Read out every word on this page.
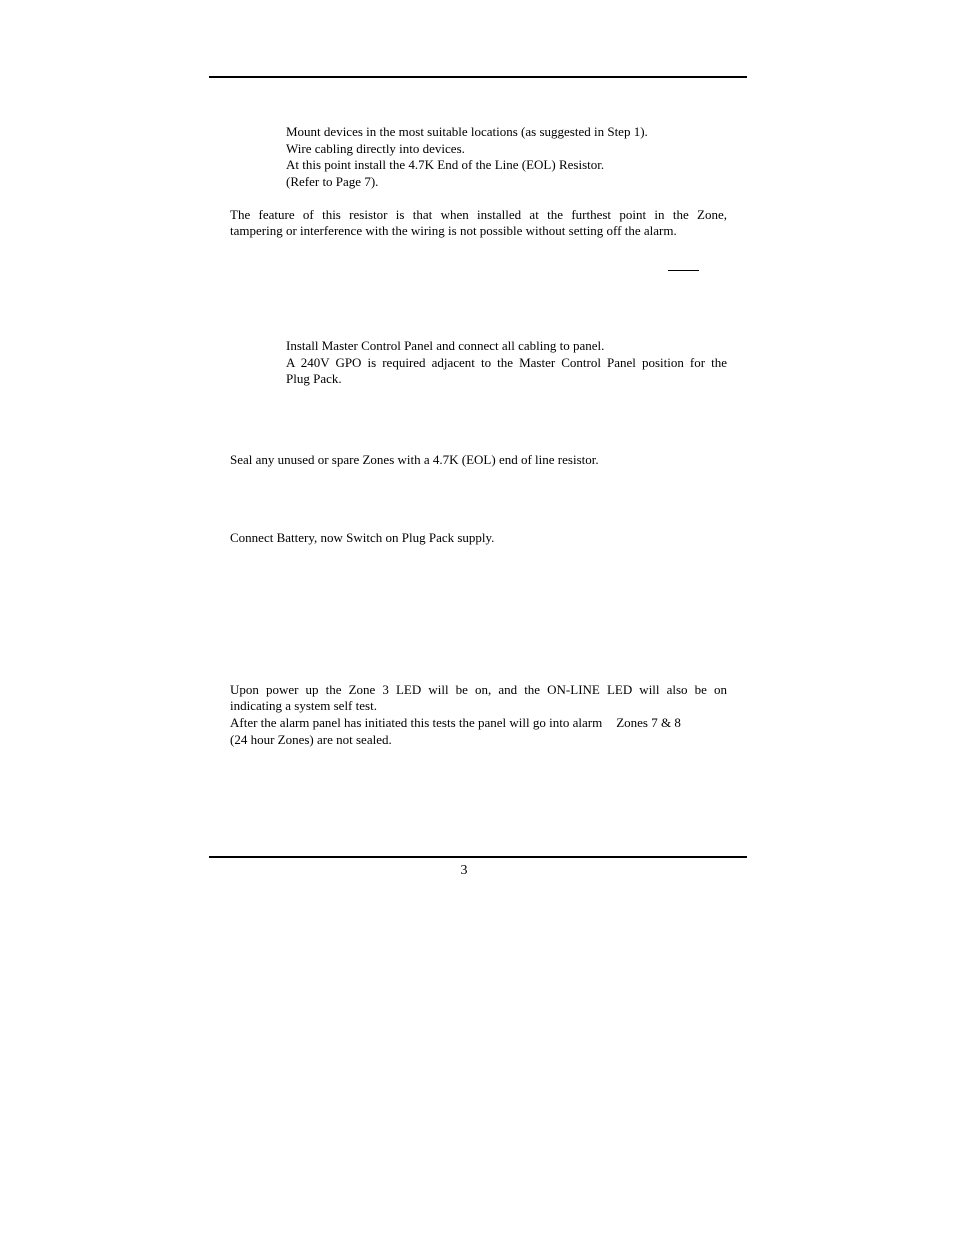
Mount devices in the most suitable locations (as suggested in Step 1).
Wire cabling directly into devices.
At this point install the 4.7K End of the Line (EOL) Resistor.
(Refer to Page 7).
The feature of this resistor is that when installed at the furthest point in the Zone,
tampering or interference with the wiring is not possible without setting off the alarm.
Install Master Control Panel and connect all cabling to panel.
A 240V GPO is required adjacent to the Master Control Panel position for the
Plug Pack.
Seal any unused or spare Zones with a 4.7K (EOL) end of line resistor.
Connect Battery, now Switch on Plug Pack supply.
Upon power up the Zone 3 LED will be on, and the ON-LINE LED will also be on
indicating a system self test.
After the alarm panel has initiated this tests the panel will go into alarm Zones 7 & 8
(24 hour Zones) are not sealed.
3
